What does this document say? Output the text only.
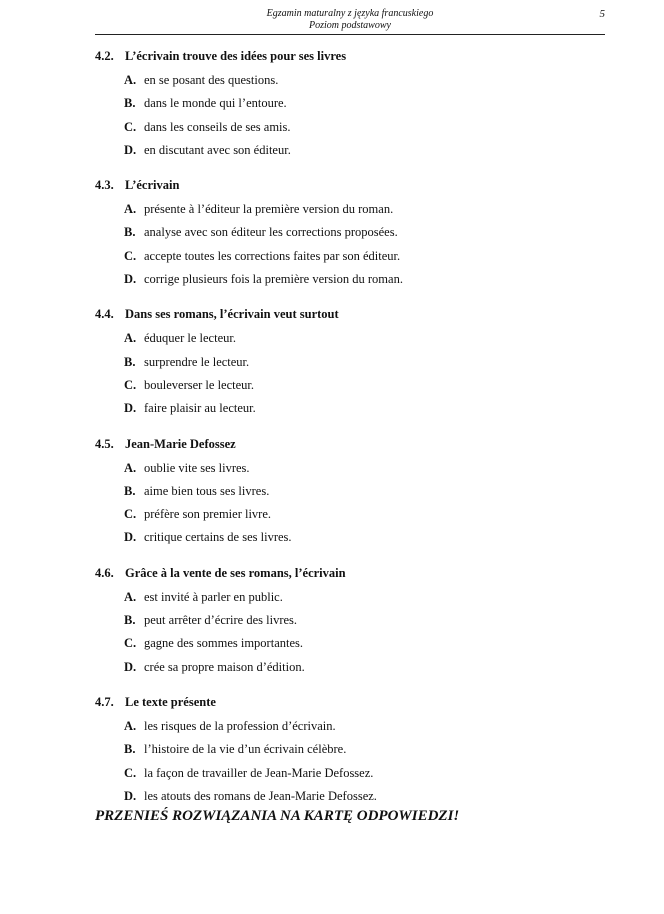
Egzamin maturalny z języka francuskiego
Poziom podstawowy
5
4.2. L’écrivain trouve des idées pour ses livres
A. en se posant des questions.
B. dans le monde qui l’entoure.
C. dans les conseils de ses amis.
D. en discutant avec son éditeur.
4.3. L’écrivain
A. présente à l’éditeur la première version du roman.
B. analyse avec son éditeur les corrections proposées.
C. accepte toutes les corrections faites par son éditeur.
D. corrige plusieurs fois la première version du roman.
4.4. Dans ses romans, l’écrivain veut surtout
A. éduquer le lecteur.
B. surprendre le lecteur.
C. bouleverser le lecteur.
D. faire plaisir au lecteur.
4.5. Jean-Marie Defossez
A. oublie vite ses livres.
B. aime bien tous ses livres.
C. préfère son premier livre.
D. critique certains de ses livres.
4.6. Grâce à la vente de ses romans, l’écrivain
A. est invité à parler en public.
B. peut arrêter d’écrire des livres.
C. gagne des sommes importantes.
D. crée sa propre maison d’édition.
4.7. Le texte présente
A. les risques de la profession d’écrivain.
B. l’histoire de la vie d’un écrivain célèbre.
C. la façon de travailler de Jean-Marie Defossez.
D. les atouts des romans de Jean-Marie Defossez.
PRZENIEŚ ROZWIĄZANIA NA KARTĘ ODPOWIEDZI!
